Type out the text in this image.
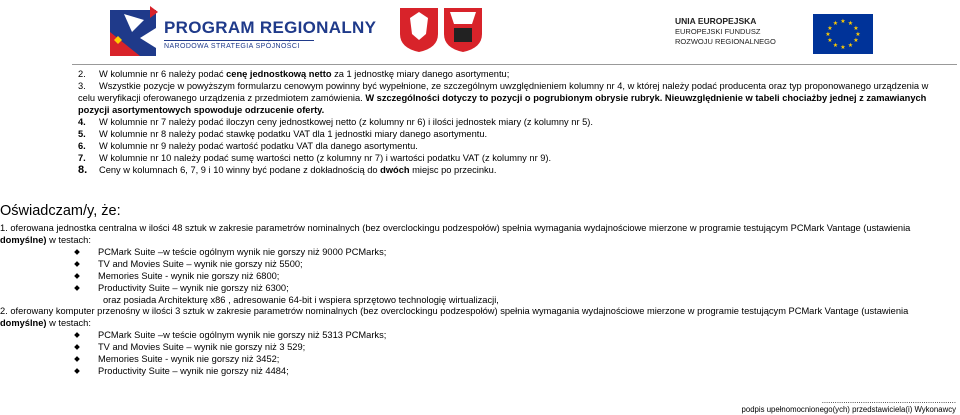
PROGRAM REGIONALNY
NARODOWA STRATEGIA SPÓJNOŚCI
UNIA EUROPEJSKA
EUROPEJSKI FUNDUSZ
ROZWOJU REGIONALNEGO
★ ★
★
★
★
★
★
★
★
★
★
★
2. W kolumnie nr 6 należy podać cenę jednostkową netto za 1 jednostkę miary danego asortymentu;
3. Wszystkie pozycje w powyższym formularzu cenowym powinny być wypełnione, ze szczególnym uwzględnieniem kolumny nr 4, w której należy podać producenta oraz typ proponowanego urządzenia w
celu weryfikacji oferowanego urządzenia z przedmiotem zamówienia. W szczególności dotyczy to pozycji o pogrubionym obrysie rubryk. Nieuwzględnienie w tabeli chociażby jednej z zamawianych
pozycji asortymentowych spowoduje odrzucenie oferty.
4. W kolumnie nr 7 należy podać iloczyn ceny jednostkowej netto (z kolumny nr 6) i ilości jednostek miary (z kolumny nr 5).
5. W kolumnie nr 8 należy podać stawkę podatku VAT dla 1 jednostki miary danego asortymentu.
6. W kolumnie nr 9 należy podać wartość podatku VAT dla danego asortymentu.
7. W kolumnie nr 10 należy podać sumę wartości netto (z kolumny nr 7) i wartości podatku VAT (z kolumny nr 9).
8. Ceny w kolumnach 6, 7, 9 i 10 winny być podane z dokładnością do dwóch miejsc po przecinku.
Oświadczam/y, że:
1. oferowana jednostka centralna w ilości 48 sztuk w zakresie parametrów nominalnych (bez overclockingu podzespołów) spełnia wymagania wydajnościowe mierzone w programie testującym PCMark Vantage (ustawienia
domyślne) w testach:
PCMark Suite –w teście ogólnym wynik nie gorszy niż 9000 PCMarks;
TV and Movies Suite – wynik nie gorszy niż 5500;
Memories Suite - wynik nie gorszy niż 6800;
Productivity Suite – wynik nie gorszy niż 6300;
oraz posiada Architekturę x86 , adresowanie 64-bit i wspiera sprzętowo technologię wirtualizacji,
2. oferowany komputer przenośny w ilości 3 sztuk w zakresie parametrów nominalnych (bez overclockingu podzespołów) spełnia wymagania wydajnościowe mierzone w programie testującym PCMark Vantage (ustawienia
domyślne) w testach:
PCMark Suite –w teście ogólnym wynik nie gorszy niż 5313 PCMarks;
TV and Movies Suite – wynik nie gorszy niż 3 529;
Memories Suite - wynik nie gorszy niż 3452;
Productivity Suite – wynik nie gorszy niż 4484;
..............................................................
podpis upełnomocnionego(ych) przedstawiciela(i) Wykonawcy
